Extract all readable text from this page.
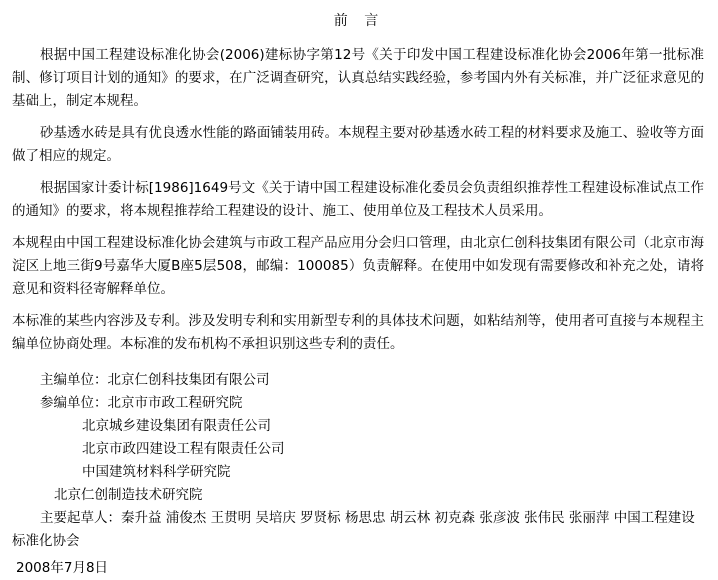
前 言

根据中国工程建设标准化协会(2006)建标协字第12号《关于印发中国工程建设标准化协会2006年第一批标准制、修订项目计划的通知》的要求，在广泛调查研究，认真总结实践经验，参考国内外有关标准，并广泛征求意见的基础上，制定本规程。

砂基透水砖是具有优良透水性能的路面铺装用砖。本规程主要对砂基透水砖工程的材料要求及施工、验收等方面做了相应的规定。

根据国家计委计标[1986]1649号文《关于请中国工程建设标准化委员会负责组织推荐性工程建设标准试点工作的通知》的要求，将本规程推荐给工程建设的设计、施工、使用单位及工程技术人员采用。

本规程由中国工程建设标准化协会建筑与市政工程产品应用分会归口管理，由北京仁创科技集团有限公司（北京市海淀区上地三街9号嘉华大厦B座5层508，邮编：100085）负责解释。在使用中如发现有需要修改和补充之处，请将意见和资料径寄解释单位。

本标准的某些内容涉及专利。涉及发明专利和实用新型专利的具体技术问题，如粘结剂等，使用者可直接与本规程主编单位协商处理。本标准的发布机构不承担识别这些专利的责任。

主编单位：北京仁创科技集团有限公司
参编单位：北京市市政工程研究院
北京城乡建设集团有限责任公司
北京市政四建设工程有限责任公司
中国建筑材料科学研究院
北京仁创制造技术研究院
主要起草人：秦升益 浦俊杰 王贯明 吴培庆 罗贤标 杨思忠 胡云林 初克森 张彦波 张伟民 张丽萍 中国工程建设标准化协会
2008年7月8日
